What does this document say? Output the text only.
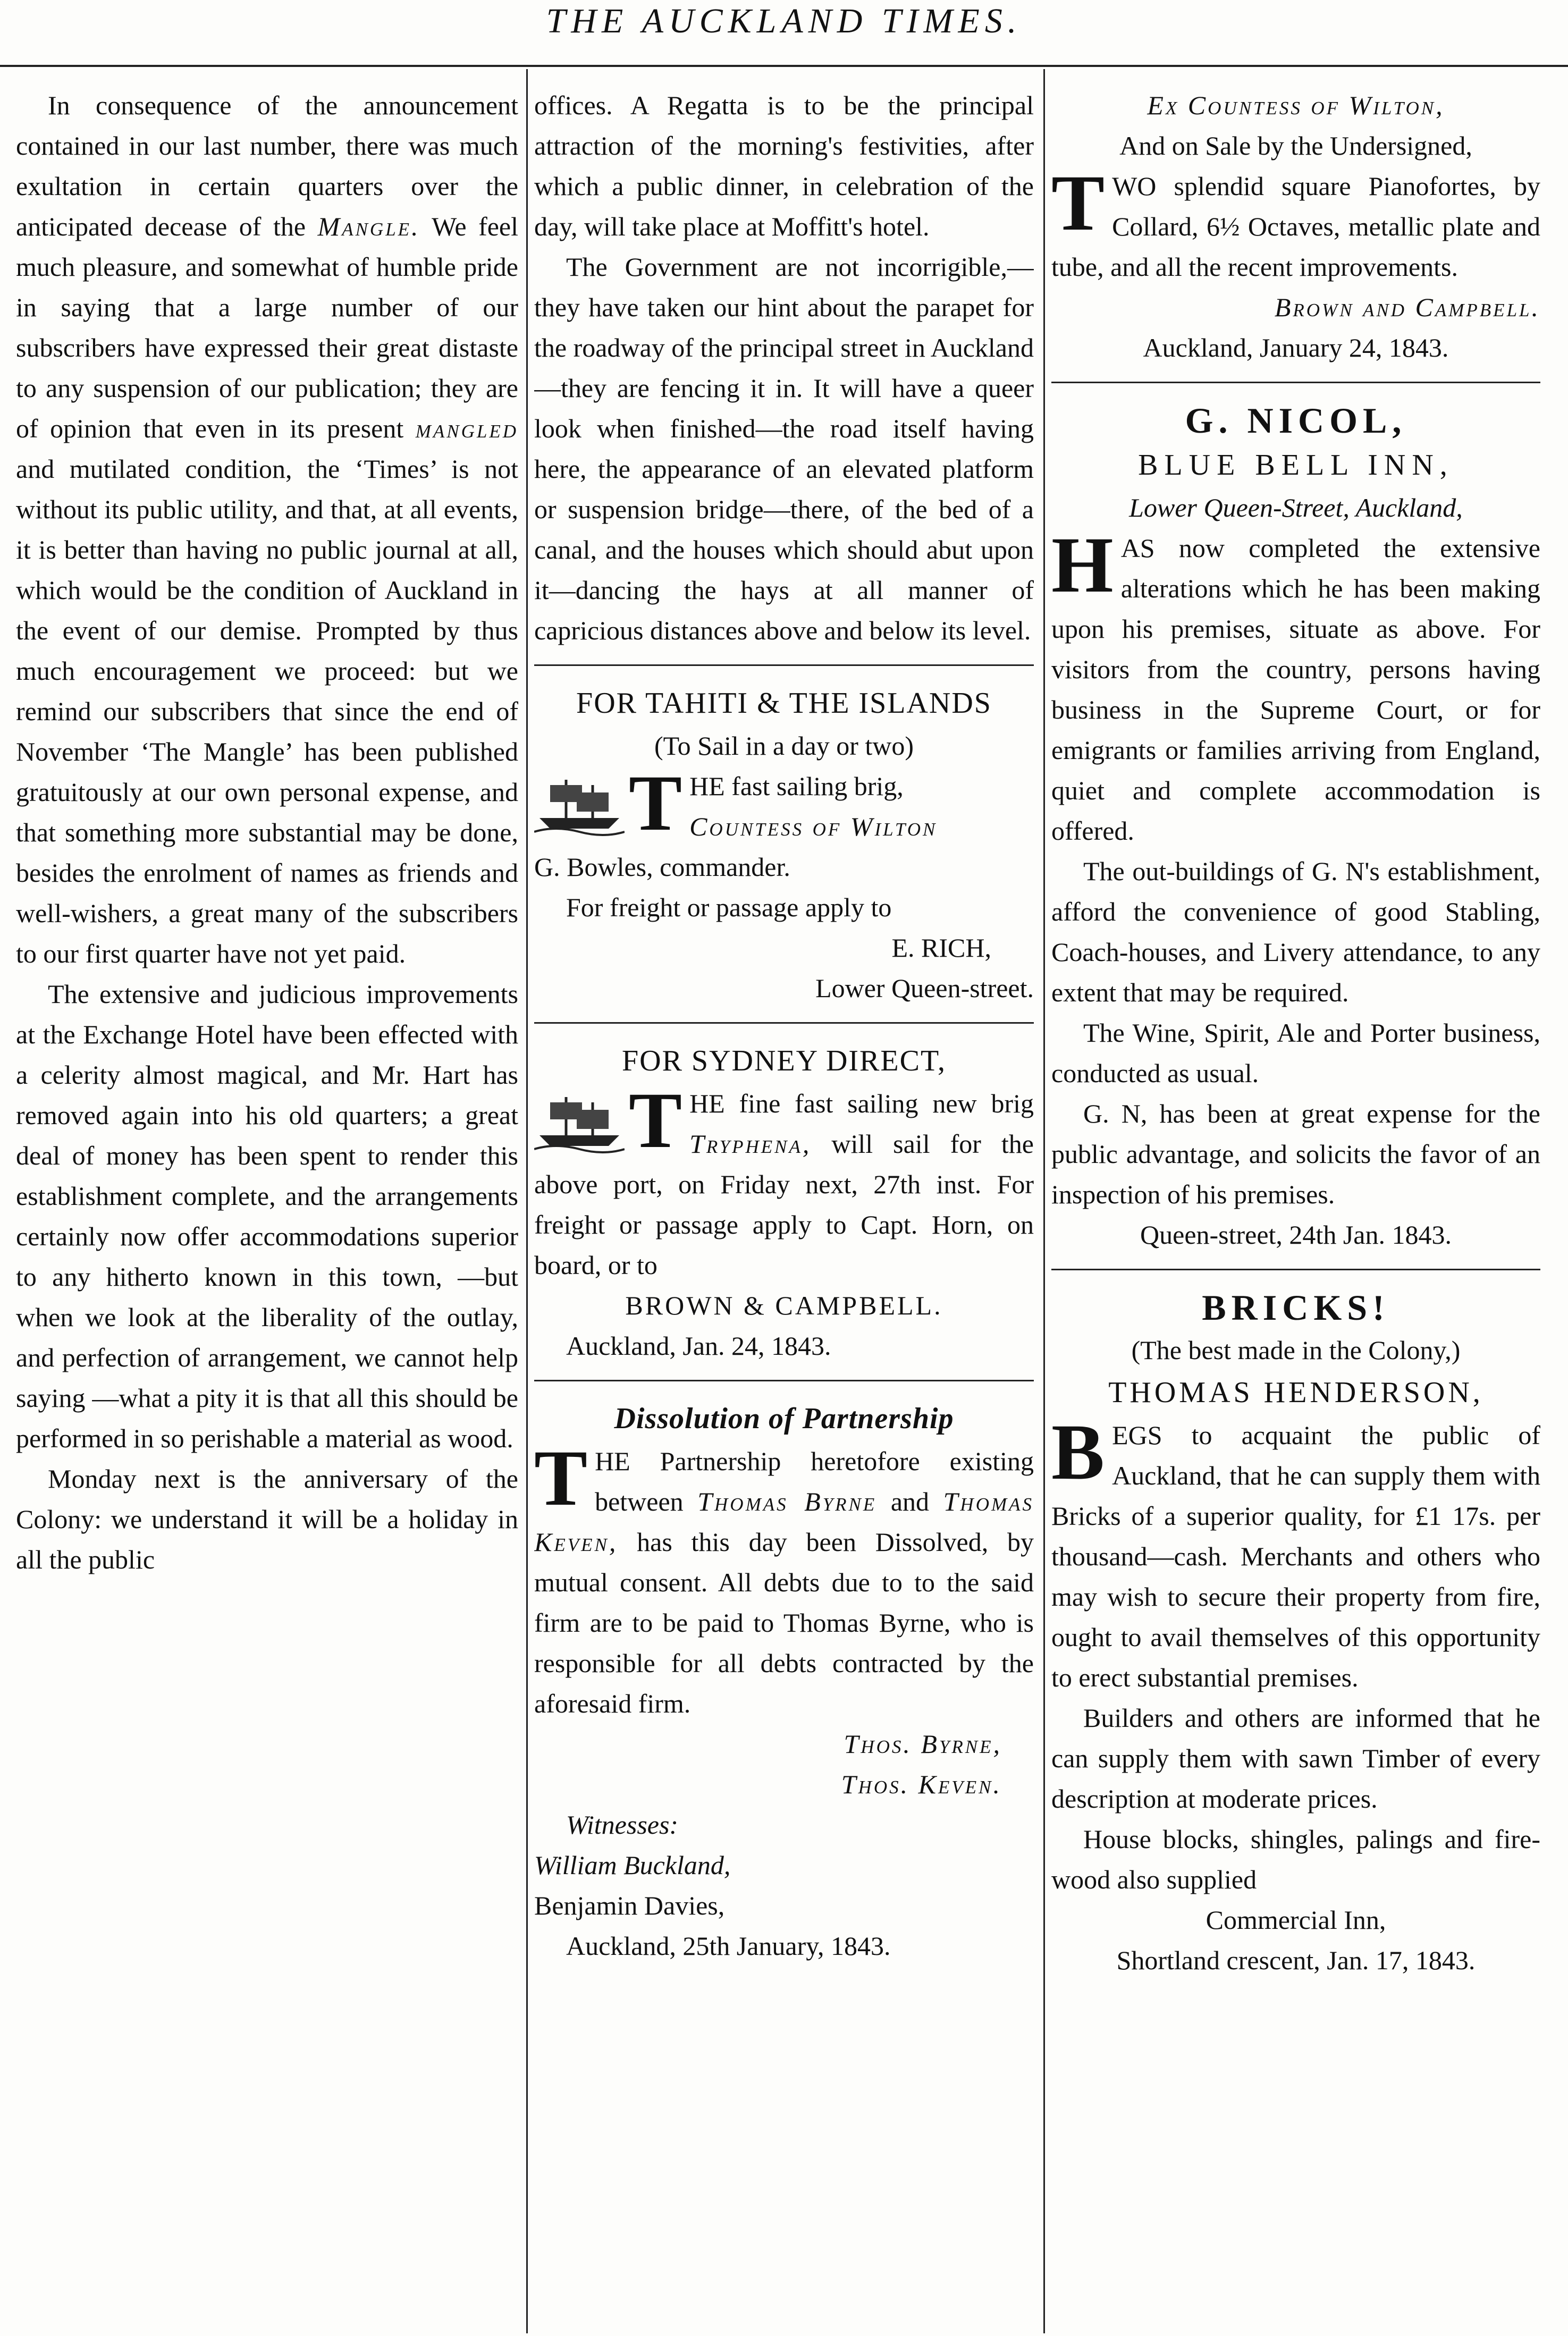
THE AUCKLAND TIMES.

In consequence of the announcement contained in our last number, there was much exultation in certain quarters over the anticipated decease of the Mangle. We feel much pleasure, and somewhat of humble pride in saying that a large number of our subscribers have expressed their great distaste to any suspension of our publication; they are of opinion that even in its present mangled and mutilated condition, the ‘Times’ is not without its public utility, and that, at all events, it is better than having no public journal at all, which would be the condition of Auckland in the event of our demise. Prompted by thus much encouragement we proceed: but we remind our subscribers that since the end of November ‘The Mangle’ has been published gratuitously at our own personal expense, and that something more substantial may be done, besides the enrolment of names as friends and well-wishers, a great many of the subscribers to our first quarter have not yet paid.

The extensive and judicious improvements at the Exchange Hotel have been effected with a celerity almost magical, and Mr. Hart has removed again into his old quarters; a great deal of money has been spent to render this establishment complete, and the arrangements certainly now offer accommodations superior to any hitherto known in this town, —but when we look at the liberality of the outlay, and perfection of arrangement, we cannot help saying —what a pity it is that all this should be performed in so perishable a material as wood.

Monday next is the anniversary of the Colony: we understand it will be a holiday in all the public

offices. A Regatta is to be the principal attraction of the morning's festivities, after which a public dinner, in celebration of the day, will take place at Moffitt's hotel.

The Government are not incorrigible,—they have taken our hint about the parapet for the roadway of the principal street in Auckland—they are fencing it in. It will have a queer look when finished—the road itself having here, the appearance of an elevated platform or suspension bridge—there, of the bed of a canal, and the houses which should abut upon it—dancing the hays at all manner of capricious distances above and below its level.

FOR TAHITI & THE ISLANDS
(To Sail in a day or two)

T HE fast sailing brig,
Countess of Wilton
G. Bowles, commander.
For freight or passage apply to

E. RICH,

Lower Queen-street.

FOR SYDNEY DIRECT,

T HE fine fast sailing new brig Tryphena, will sail for the above port, on Friday next, 27th inst. For freight or passage apply to Capt. Horn, on board, or to

BROWN & CAMPBELL.

Auckland, Jan. 24, 1843.

Dissolution of Partnership

T HE Partnership heretofore existing between Thomas Byrne and Thomas Keven, has this day been Dissolved, by mutual consent. All debts due to to the said firm are to be paid to Thomas Byrne, who is responsible for all debts contracted by the aforesaid firm.

Thos. Byrne,

Thos. Keven.

Witnesses:

William Buckland,

Benjamin Davies,

Auckland, 25th January, 1843.

Ex Countess of Wilton,

And on Sale by the Undersigned,

T WO splendid square Pianofortes, by Collard, 6½ Octaves, metallic plate and tube, and all the recent improvements.

Brown and Campbell.

Auckland, January 24, 1843.

G. NICOL,
BLUE BELL INN,

Lower Queen-Street, Auckland,

H AS now completed the extensive alterations which he has been making upon his premises, situate as above. For visitors from the country, persons having business in the Supreme Court, or for emigrants or families arriving from England, quiet and complete accommodation is offered.

The out-buildings of G. N's establishment, afford the convenience of good Stabling, Coach-houses, and Livery attendance, to any extent that may be required.

The Wine, Spirit, Ale and Porter business, conducted as usual.

G. N, has been at great expense for the public advantage, and solicits the favor of an inspection of his premises.

Queen-street, 24th Jan. 1843.

BRICKS!
(The best made in the Colony,)
THOMAS HENDERSON,

B EGS to acquaint the public of Auckland, that he can supply them with Bricks of a superior quality, for £1 17s. per thousand—cash. Merchants and others who may wish to secure their property from fire, ought to avail themselves of this opportunity to erect substantial premises.

Builders and others are informed that he can supply them with sawn Timber of every description at moderate prices.

House blocks, shingles, palings and fire-wood also supplied

Commercial Inn,

Shortland crescent, Jan. 17, 1843.
